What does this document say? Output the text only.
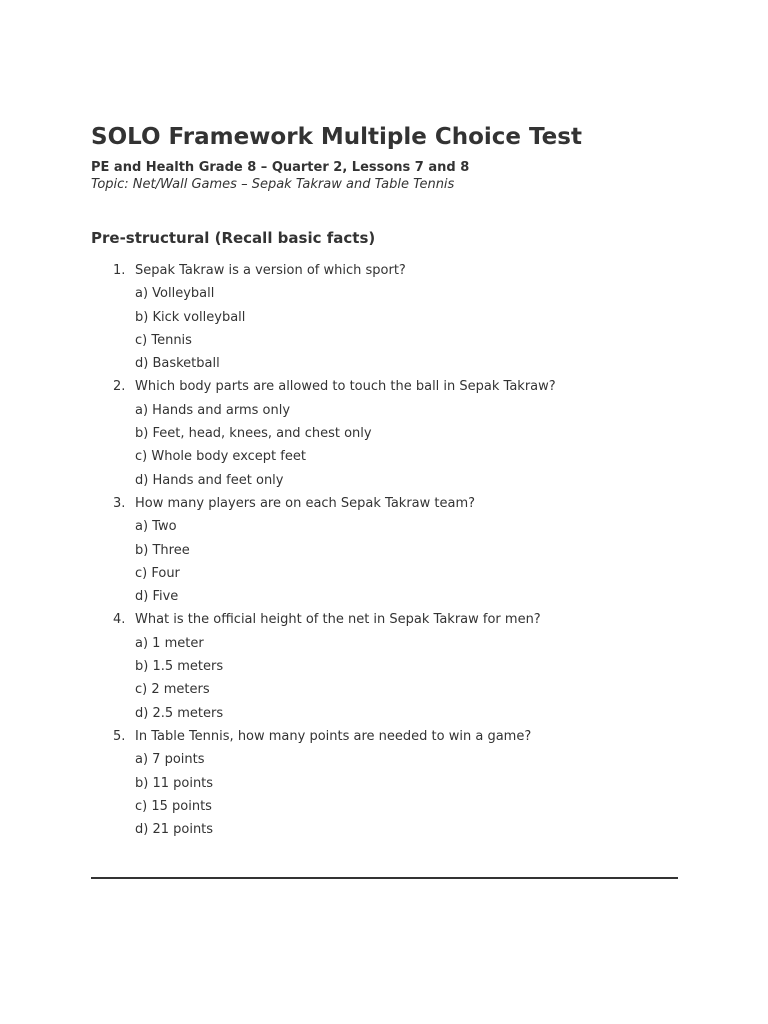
SOLO Framework Multiple Choice Test

PE and Health Grade 8 – Quarter 2, Lessons 7 and 8

Topic: Net/Wall Games – Sepak Takraw and Table Tennis

Pre-structural (Recall basic facts)
1. Sepak Takraw is a version of which sport?
a) Volleyball
b) Kick volleyball
c) Tennis
d) Basketball
2. Which body parts are allowed to touch the ball in Sepak Takraw?
a) Hands and arms only
b) Feet, head, knees, and chest only
c) Whole body except feet
d) Hands and feet only
3. How many players are on each Sepak Takraw team?
a) Two
b) Three
c) Four
d) Five
4. What is the official height of the net in Sepak Takraw for men?
a) 1 meter
b) 1.5 meters
c) 2 meters
d) 2.5 meters
5. In Table Tennis, how many points are needed to win a game?
a) 7 points
b) 11 points
c) 15 points
d) 21 points
